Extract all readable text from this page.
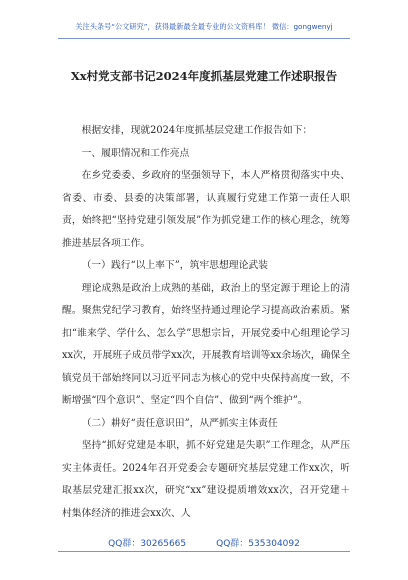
关注头条号“公文研究”，获得最新最全最专业的公文资料库！ 微信：gongwenyj
Xx村党支部书记2024年度抓基层党建工作述职报告

根据安排，现就2024年度抓基层党建工作报告如下：

一、履职情况和工作亮点

在乡党委委、乡政府的坚强领导下，本人严格贯彻落实中央、省委、市委、县委的决策部署，认真履行党建工作第一责任人职责，始终把“坚持党建引领发展”作为抓党建工作的核心理念，统筹推进基层各项工作。

（一）践行“以上率下”，筑牢思想理论武装

理论成熟是政治上成熟的基础，政治上的坚定源于理论上的清醒。聚焦党纪学习教育，始终坚持通过理论学习提高政治素质。紧扣“谁来学、学什么、怎么学”思想宗旨，开展党委中心组理论学习xx次，开展班子成员带学xx次，开展教育培训等xx余场次，确保全镇党员干部始终同以习近平同志为核心的党中央保持高度一致，不断增强“四个意识”、坚定“四个自信”、做到“两个维护”。

（二）耕好“责任意识田”，从严抓实主体责任

坚持“抓好党建是本职，抓不好党建是失职”工作理念，从严压实主体责任。2024年召开党委会专题研究基层党建工作xx次，听取基层党建汇报xx次，研究“xx”建设提质增效xx次，召开党建＋村集体经济的推进会xx次、人

QQ群：30265665	QQ群：535304092
